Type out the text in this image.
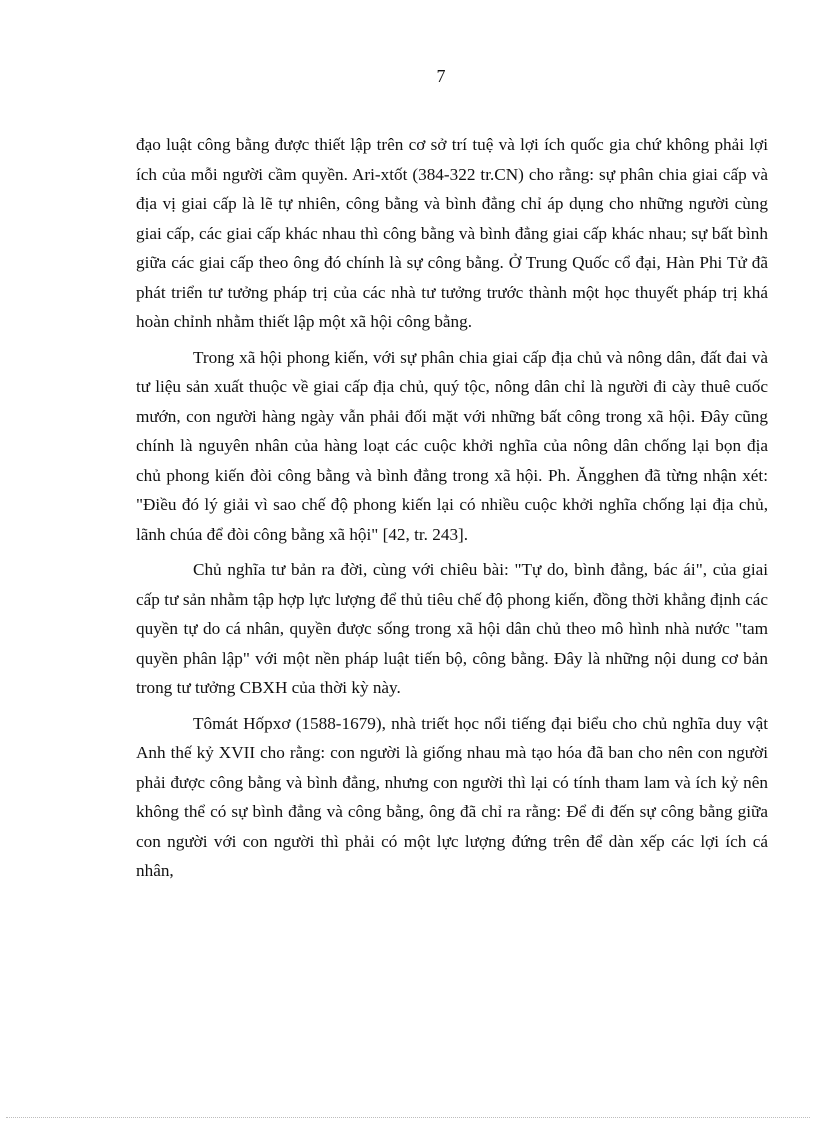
7

đạo luật công bằng được thiết lập trên cơ sở trí tuệ và lợi ích quốc gia chứ không phải lợi ích của mỗi người cầm quyền. Ari-xtốt (384-322 tr.CN) cho rằng: sự phân chia giai cấp và địa vị giai cấp là lẽ tự nhiên, công bằng và bình đẳng chỉ áp dụng cho những người cùng giai cấp, các giai cấp khác nhau thì công bằng và bình đẳng giai cấp khác nhau; sự bất bình giữa các giai cấp theo ông đó chính là sự công bằng. Ở Trung Quốc cổ đại, Hàn Phi Tử đã phát triển tư tưởng pháp trị của các nhà tư tưởng trước thành một học thuyết pháp trị khá hoàn chỉnh nhằm thiết lập một xã hội công bằng.

Trong xã hội phong kiến, với sự phân chia giai cấp địa chủ và nông dân, đất đai và tư liệu sản xuất thuộc về giai cấp địa chủ, quý tộc, nông dân chỉ là người đi cày thuê cuốc mướn, con người hàng ngày vẫn phải đối mặt với những bất công trong xã hội. Đây cũng chính là nguyên nhân của hàng loạt các cuộc khởi nghĩa của nông dân chống lại bọn địa chủ phong kiến đòi công bằng và bình đẳng trong xã hội. Ph. Ăngghen đã từng nhận xét: "Điều đó lý giải vì sao chế độ phong kiến lại có nhiều cuộc khởi nghĩa chống lại địa chủ, lãnh chúa để đòi công bằng xã hội" [42, tr. 243].

Chủ nghĩa tư bản ra đời, cùng với chiêu bài: "Tự do, bình đẳng, bác ái", của giai cấp tư sản nhằm tập hợp lực lượng để thủ tiêu chế độ phong kiến, đồng thời khẳng định các quyền tự do cá nhân, quyền được sống trong xã hội dân chủ theo mô hình nhà nước "tam quyền phân lập" với một nền pháp luật tiến bộ, công bằng. Đây là những nội dung cơ bản trong tư tưởng CBXH của thời kỳ này.

Tômát Hốpxơ (1588-1679), nhà triết học nổi tiếng đại biểu cho chủ nghĩa duy vật Anh thế kỷ XVII cho rằng: con người là giống nhau mà tạo hóa đã ban cho nên con người phải được công bằng và bình đẳng, nhưng con người thì lại có tính tham lam và ích kỷ nên không thể có sự bình đẳng và công bằng, ông đã chỉ ra rằng: Để đi đến sự công bằng giữa con người với con người thì phải có một lực lượng đứng trên để dàn xếp các lợi ích cá nhân,
